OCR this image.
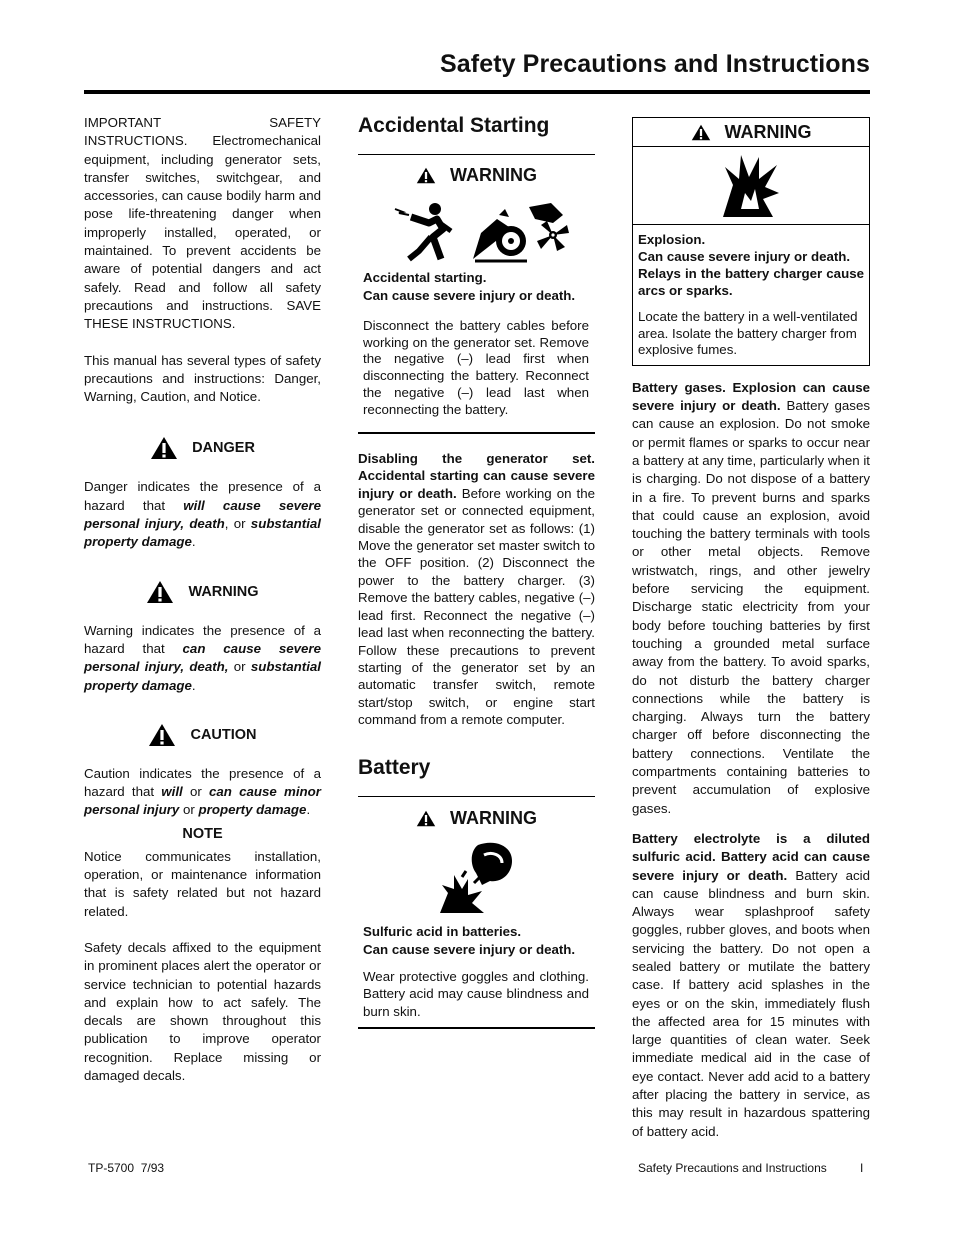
Safety Precautions and Instructions

IMPORTANT SAFETY INSTRUCTIONS. Electromechanical equipment, including generator sets, transfer switches, switchgear, and accessories, can cause bodily harm and pose life-threatening danger when improperly installed, operated, or maintained. To prevent accidents be aware of potential dangers and act safely. Read and follow all safety precautions and instructions. SAVE THESE INSTRUCTIONS.

This manual has several types of safety precautions and instructions: Danger, Warning, Caution, and Notice.

DANGER

Danger indicates the presence of a hazard that will cause severe personal injury, death, or substantial property damage.

WARNING

Warning indicates the presence of a hazard that can cause severe personal injury, death, or substantial property damage.

CAUTION

Caution indicates the presence of a hazard that will or can cause minor personal injury or property damage.

NOTE

Notice communicates installation, operation, or maintenance information that is safety related but not hazard related.

Safety decals affixed to the equipment in prominent places alert the operator or service technician to potential hazards and explain how to act safely. The decals are shown throughout this publication to improve operator recognition. Replace missing or damaged decals.

Accidental Starting
WARNING

Accidental starting.

Can cause severe injury or death.

Disconnect the battery cables before working on the generator set. Remove the negative (–) lead first when disconnecting the battery. Reconnect the negative (–) lead last when reconnecting the battery.

Disabling the generator set. Accidental starting can cause severe injury or death. Before working on the generator set or connected equipment, disable the generator set as follows: (1) Move the generator set master switch to the OFF position. (2) Disconnect the power to the battery charger. (3) Remove the battery cables, negative (–) lead first. Reconnect the negative (–) lead last when reconnecting the battery. Follow these precautions to prevent starting of the generator set by an automatic transfer switch, remote start/stop switch, or engine start command from a remote computer.

Battery
WARNING

Sulfuric acid in batteries.

Can cause severe injury or death.

Wear protective goggles and clothing. Battery acid may cause blindness and burn skin.

WARNING

Explosion.

Can cause severe injury or death.

Relays in the battery charger cause arcs or sparks.

Locate the battery in a well-ventilated area. Isolate the battery charger from explosive fumes.

Battery gases. Explosion can cause severe injury or death. Battery gases can cause an explosion. Do not smoke or permit flames or sparks to occur near a battery at any time, particularly when it is charging. Do not dispose of a battery in a fire. To prevent burns and sparks that could cause an explosion, avoid touching the battery terminals with tools or other metal objects. Remove wristwatch, rings, and other jewelry before servicing the equipment. Discharge static electricity from your body before touching batteries by first touching a grounded metal surface away from the battery. To avoid sparks, do not disturb the battery charger connections while the battery is charging. Always turn the battery charger off before disconnecting the battery connections. Ventilate the compartments containing batteries to prevent accumulation of explosive gases.

Battery electrolyte is a diluted sulfuric acid. Battery acid can cause severe injury or death. Battery acid can cause blindness and burn skin. Always wear splashproof safety goggles, rubber gloves, and boots when servicing the battery. Do not open a sealed battery or mutilate the battery case. If battery acid splashes in the eyes or on the skin, immediately flush the affected area for 15 minutes with large quantities of clean water. Seek immediate medical aid in the case of eye contact. Never add acid to a battery after placing the battery in service, as this may result in hazardous spattering of battery acid.

TP-5700  7/93	Safety Precautions and Instructions	I
